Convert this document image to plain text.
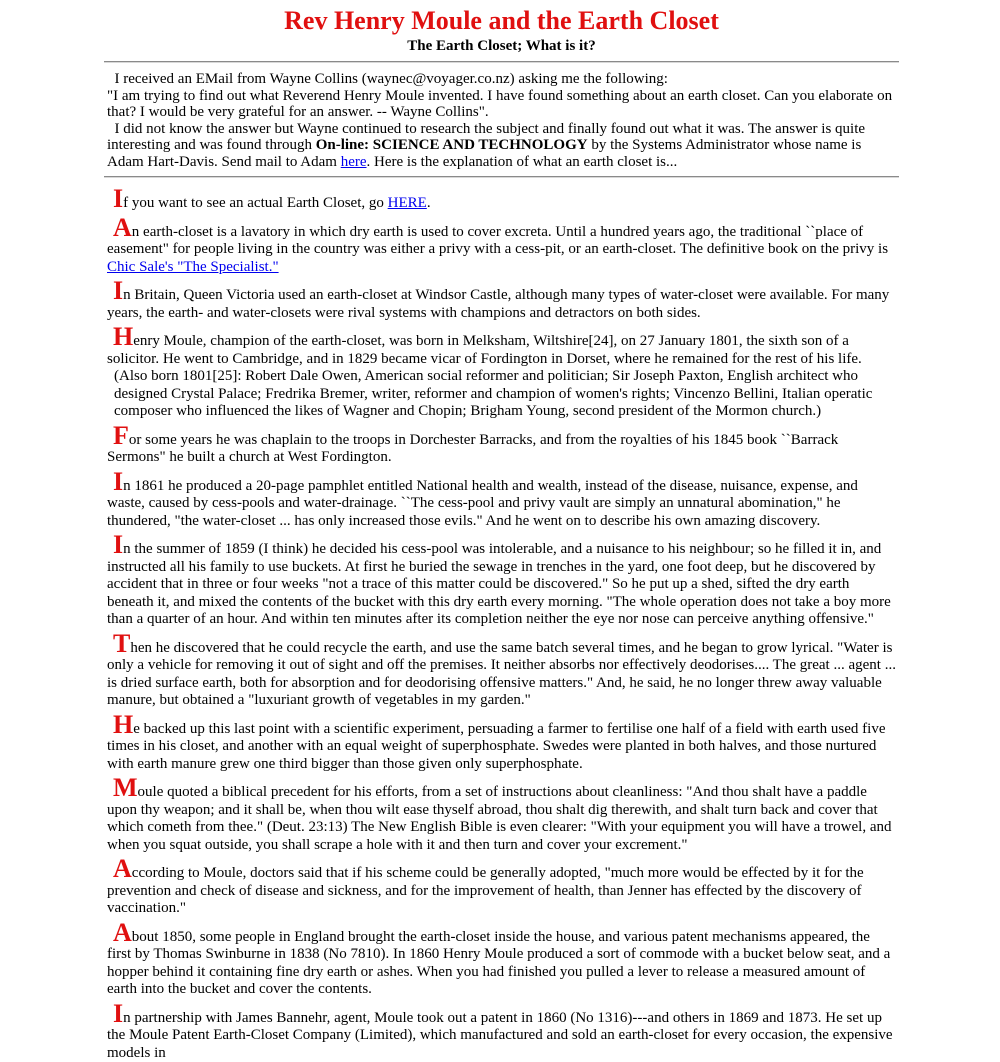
Rev Henry Moule and the Earth Closet

The Earth Closet; What is it?

I received an EMail from Wayne Collins (waynec@voyager.co.nz) asking me the following:

"I am trying to find out what Reverend Henry Moule invented. I have found something about an earth closet. Can you elaborate on that? I would be very grateful for an answer. -- Wayne Collins".

I did not know the answer but Wayne continued to research the subject and finally found out what it was. The answer is quite interesting and was found through On-line: SCIENCE AND TECHNOLOGY by the Systems Administrator whose name is Adam Hart-Davis. Send mail to Adam here. Here is the explanation of what an earth closet is...

If you want to see an actual Earth Closet, go HERE.

An earth-closet is a lavatory in which dry earth is used to cover excreta. Until a hundred years ago, the traditional ``place of easement" for people living in the country was either a privy with a cess-pit, or an earth-closet. The definitive book on the privy is Chic Sale's "The Specialist."

In Britain, Queen Victoria used an earth-closet at Windsor Castle, although many types of water-closet were available. For many years, the earth- and water-closets were rival systems with champions and detractors on both sides.

Henry Moule, champion of the earth-closet, was born in Melksham, Wiltshire[24], on 27 January 1801, the sixth son of a solicitor. He went to Cambridge, and in 1829 became vicar of Fordington in Dorset, where he remained for the rest of his life.
(Also born 1801[25]: Robert Dale Owen, American social reformer and politician; Sir Joseph Paxton, English architect who designed Crystal Palace; Fredrika Bremer, writer, reformer and champion of women's rights; Vincenzo Bellini, Italian operatic composer who influenced the likes of Wagner and Chopin; Brigham Young, second president of the Mormon church.)

For some years he was chaplain to the troops in Dorchester Barracks, and from the royalties of his 1845 book ``Barrack Sermons" he built a church at West Fordington.

In 1861 he produced a 20-page pamphlet entitled National health and wealth, instead of the disease, nuisance, expense, and waste, caused by cess-pools and water-drainage. ``The cess-pool and privy vault are simply an unnatural abomination," he thundered, "the water-closet ... has only increased those evils." And he went on to describe his own amazing discovery.

In the summer of 1859 (I think) he decided his cess-pool was intolerable, and a nuisance to his neighbour; so he filled it in, and instructed all his family to use buckets. At first he buried the sewage in trenches in the yard, one foot deep, but he discovered by accident that in three or four weeks "not a trace of this matter could be discovered." So he put up a shed, sifted the dry earth beneath it, and mixed the contents of the bucket with this dry earth every morning. "The whole operation does not take a boy more than a quarter of an hour. And within ten minutes after its completion neither the eye nor nose can perceive anything offensive."

Then he discovered that he could recycle the earth, and use the same batch several times, and he began to grow lyrical. "Water is only a vehicle for removing it out of sight and off the premises. It neither absorbs nor effectively deodorises.... The great ... agent ... is dried surface earth, both for absorption and for deodorising offensive matters." And, he said, he no longer threw away valuable manure, but obtained a "luxuriant growth of vegetables in my garden."

He backed up this last point with a scientific experiment, persuading a farmer to fertilise one half of a field with earth used five times in his closet, and another with an equal weight of superphosphate. Swedes were planted in both halves, and those nurtured with earth manure grew one third bigger than those given only superphosphate.

Moule quoted a biblical precedent for his efforts, from a set of instructions about cleanliness: "And thou shalt have a paddle upon thy weapon; and it shall be, when thou wilt ease thyself abroad, thou shalt dig therewith, and shalt turn back and cover that which cometh from thee." (Deut. 23:13) The New English Bible is even clearer: "With your equipment you will have a trowel, and when you squat outside, you shall scrape a hole with it and then turn and cover your excrement."

According to Moule, doctors said that if his scheme could be generally adopted, "much more would be effected by it for the prevention and check of disease and sickness, and for the improvement of health, than Jenner has effected by the discovery of vaccination."

About 1850, some people in England brought the earth-closet inside the house, and various patent mechanisms appeared, the first by Thomas Swinburne in 1838 (No 7810). In 1860 Henry Moule produced a sort of commode with a bucket below seat, and a hopper behind it containing fine dry earth or ashes. When you had finished you pulled a lever to release a measured amount of earth into the bucket and cover the contents.

In partnership with James Bannehr, agent, Moule took out a patent in 1860 (No 1316)---and others in 1869 and 1873. He set up the Moule Patent Earth-Closet Company (Limited), which manufactured and sold an earth-closet for every occasion, the expensive models in
